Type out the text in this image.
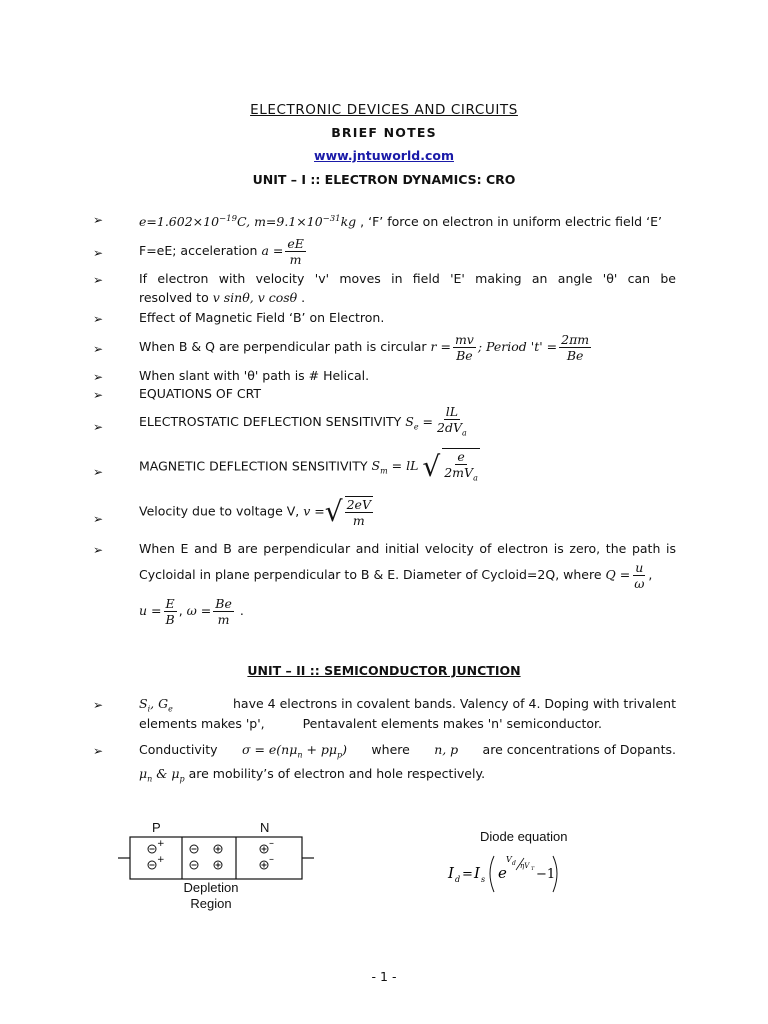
ELECTRONIC DEVICES AND CIRCUITS
BRIEF NOTES
www.jntuworld.com
UNIT – I :: ELECTRON DYNAMICS: CRO
➢	$e=1.602\times 10^{-19}C$, $m=9.1\times 10^{-31}kg$ , ‘F’ force on electron in uniform electric field ‘E’
➢	F=eE; acceleration $a = \frac{eE}{m}$
➢	If electron with velocity 'v' moves in field 'E' making an angle 'θ' can be
resolved to v sinθ, v cosθ .
➢	Effect of Magnetic Field ‘B’ on Electron.
➢	When B & Q are perpendicular path is circular $r = \frac{mv}{Be}$ ; Period '$t' = \frac{2\pi m}{Be}$
➢	When slant with 'θ' path is # Helical.
➢	EQUATIONS OF CRT
➢	ELECTROSTATIC DEFLECTION SENSITIVITY $S_e = \frac{lL}{2dV_a}$
➢	MAGNETIC DEFLECTION SENSITIVITY $S_m$ = lL √ $\frac{e}{2mV_a}$
➢
Velocity due to voltage V, v =√ $\frac{2eV}{m}$
➢	When E and B are perpendicular and initial velocity of electron is zero, the path is
Cycloidal in plane perpendicular to B & E. Diameter of Cycloid=2Q, where $Q = \frac{u}{\omega}$ ,
$u = \frac{E}{B}$ , $\omega = \frac{Be}{m}$ .
UNIT – II :: SEMICONDUCTOR JUNCTION
➢	$S_i$, $G_e$	have 4 electrons in covalent bands. Valency of 4. Doping with trivalent
elements makes 'p',	Pentavalent elements makes 'n' semiconductor.
➢	Conductivity $\sigma = e(n\mu_n + p\mu_p)$ where n, p are concentrations of Dopants.
$\mu_n$ & $\mu_p$ are mobility’s of electron and hole respectively.
+
+
–
–
P	N
Depletion
Region
Diode equation
I d = I s e
V d ηV T −1
- 1 -
